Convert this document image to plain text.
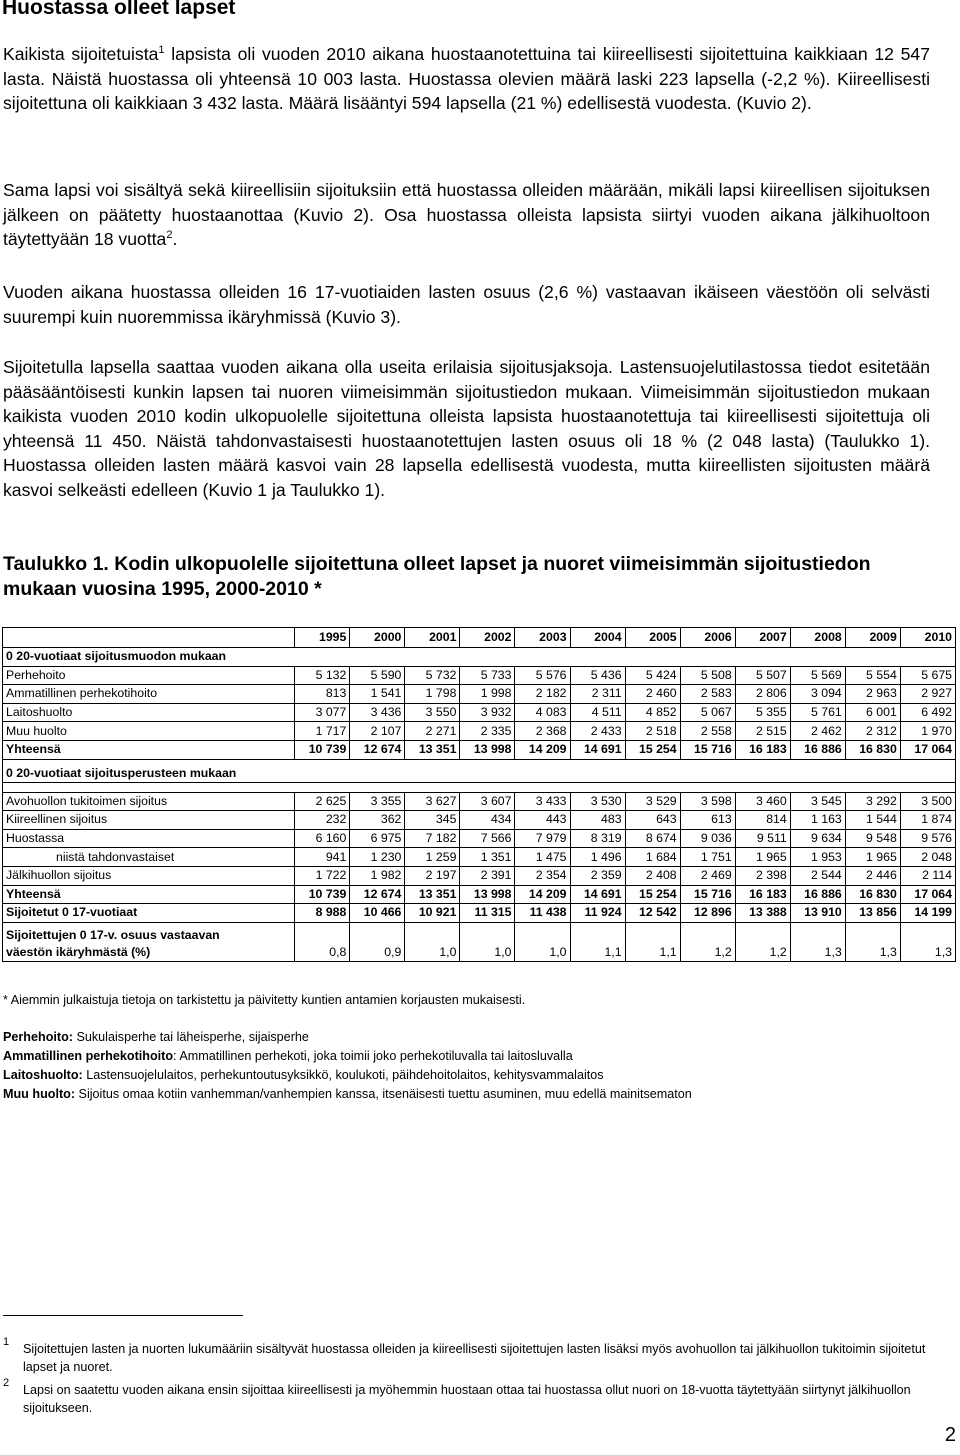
Huostassa olleet lapset

Kaikista sijoitetuista$^1$ lapsista oli vuoden 2010 aikana huostaanotettuina tai kiireellisesti sijoitettuina kaikkiaan 12 547 lasta. Näistä huostassa oli yhteensä 10 003 lasta. Huostassa olevien määrä laski 223 lapsella (-2,2 %). Kiireellisesti sijoitettuna oli kaikkiaan 3 432 lasta. Määrä lisääntyi 594 lapsella (21 %) edellisestä vuodesta. (Kuvio 2).

Sama lapsi voi sisältyä sekä kiireellisiin sijoituksiin että huostassa olleiden määrään, mikäli lapsi kiireellisen sijoituksen jälkeen on päätetty huostaanottaa (Kuvio 2). Osa huostassa olleista lapsista siirtyi vuoden aikana jälkihuoltoon täytettyään 18 vuotta$^2$.

Vuoden aikana huostassa olleiden 16 17-vuotiaiden lasten osuus (2,6 %) vastaavan ikäiseen väestöön oli selvästi suurempi kuin nuoremmissa ikäryhmissä (Kuvio 3).

Sijoitetulla lapsella saattaa vuoden aikana olla useita erilaisia sijoitusjaksoja. Lastensuojelutilastossa tiedot esitetään pääsääntöisesti kunkin lapsen tai nuoren viimeisimmän sijoitustiedon mukaan. Viimeisimmän sijoitustiedon mukaan kaikista vuoden 2010 kodin ulkopuolelle sijoitettuna olleista lapsista huostaanotettuja tai kiireellisesti sijoitettuja oli yhteensä 11 450. Näistä tahdonvastaisesti huostaanotettujen lasten osuus oli 18 % (2 048 lasta) (Taulukko 1). Huostassa olleiden lasten määrä kasvoi vain 28 lapsella edellisestä vuodesta, mutta kiireellisten sijoitusten määrä kasvoi selkeästi edelleen (Kuvio 1 ja Taulukko 1).

Taulukko 1. Kodin ulkopuolelle sijoitettuna olleet lapset ja nuoret viimeisimmän sijoitustiedon mukaan vuosina 1995, 2000-2010 *

	1995	2000	2001	2002	2003	2004	2005	2006	2007	2008	2009	2010
0 20-vuotiaat sijoitusmuodon mukaan												
Perhehoito	5 132	5 590	5 732	5 733	5 576	5 436	5 424	5 508	5 507	5 569	5 554	5 675
Ammatillinen perhekotihoito	813	1 541	1 798	1 998	2 182	2 311	2 460	2 583	2 806	3 094	2 963	2 927
Laitoshuolto	3 077	3 436	3 550	3 932	4 083	4 511	4 852	5 067	5 355	5 761	6 001	6 492
Muu huolto	1 717	2 107	2 271	2 335	2 368	2 433	2 518	2 558	2 515	2 462	2 312	1 970
Yhteensä	10 739	12 674	13 351	13 998	14 209	14 691	15 254	15 716	16 183	16 886	16 830	17 064
0 20-vuotiaat sijoitusperusteen mukaan												

Avohuollon tukitoimen sijoitus	2 625	3 355	3 627	3 607	3 433	3 530	3 529	3 598	3 460	3 545	3 292	3 500
Kiireellinen sijoitus	232	362	345	434	443	483	643	613	814	1 163	1 544	1 874
Huostassa	6 160	6 975	7 182	7 566	7 979	8 319	8 674	9 036	9 511	9 634	9 548	9 576
niistä tahdonvastaiset	941	1 230	1 259	1 351	1 475	1 496	1 684	1 751	1 965	1 953	1 965	2 048
Jälkihuollon sijoitus	1 722	1 982	2 197	2 391	2 354	2 359	2 408	2 469	2 398	2 544	2 446	2 114
Yhteensä	10 739	12 674	13 351	13 998	14 209	14 691	15 254	15 716	16 183	16 886	16 830	17 064
Sijoitetut 0 17-vuotiaat	8 988	10 466	10 921	11 315	11 438	11 924	12 542	12 896	13 388	13 910	13 856	14 199

Sijoitettujen 0 17-v. osuus vastaavan
väestön ikäryhmästä (%)	0,8	0,9	1,0	1,0	1,0	1,1	1,1	1,2	1,2	1,3	1,3	1,3

* Aiemmin julkaistuja tietoja on tarkistettu ja päivitetty kuntien antamien korjausten mukaisesti.

Perhehoito: Sukulaisperhe tai läheisperhe, sijaisperhe
Ammatillinen perhekotihoito: Ammatillinen perhekoti, joka toimii joko perhekotiluvalla tai laitosluvalla
Laitoshuolto: Lastensuojelulaitos, perhekuntoutusyksikkö, koulukoti, päihdehoitolaitos, kehitysvammalaitos
Muu huolto: Sijoitus omaa kotiin vanhemman/vanhempien kanssa, itsenäisesti tuettu asuminen, muu edellä mainitsematon
1	Sijoitettujen lasten ja nuorten lukumääriin sisältyvät huostassa olleiden ja kiireellisesti sijoitettujen lasten lisäksi myös avohuollon tai jälkihuollon tukitoimin sijoitetut lapset ja nuoret.
2	Lapsi on saatettu vuoden aikana ensin sijoittaa kiireellisesti ja myöhemmin huostaan ottaa tai huostassa ollut nuori on 18-vuotta täytettyään siirtynyt jälkihuollon sijoitukseen.
2
